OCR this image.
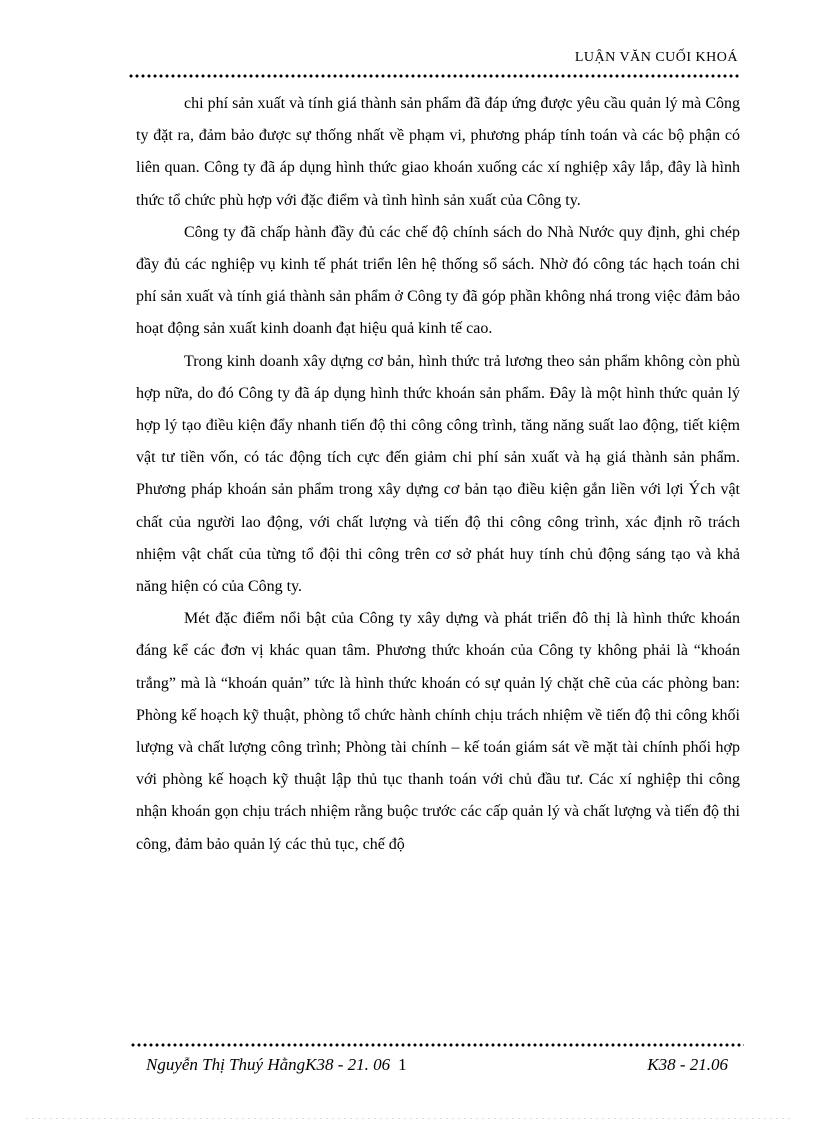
LUẬN VĂN CUỐI KHOÁ

chi phí sản xuất và tính giá thành sản phẩm đã đáp ứng được yêu cầu quản lý mà Công ty đặt ra, đảm bảo được sự thống nhất về phạm vi, phương pháp tính toán và các bộ phận có liên quan. Công ty đã áp dụng hình thức giao khoán xuống các xí nghiệp xây lắp, đây là hình thức tổ chức phù hợp với đặc điểm và tình hình sản xuất của Công ty.

Công ty đã chấp hành đầy đủ các chế độ chính sách do Nhà Nước quy định, ghi chép đầy đủ các nghiệp vụ kinh tế phát triển lên hệ thống sổ sách. Nhờ đó công tác hạch toán chi phí sản xuất và tính giá thành sản phẩm ở Công ty đã góp phần không nhá trong việc đảm bảo hoạt động sản xuất kinh doanh đạt hiệu quả kinh tế cao.

Trong kinh doanh xây dựng cơ bản, hình thức trả lương theo sản phẩm không còn phù hợp nữa, do đó Công ty đã áp dụng hình thức khoán sản phẩm. Đây là một hình thức quản lý hợp lý tạo điều kiện đẩy nhanh tiến độ thi công công trình, tăng năng suất lao động, tiết kiệm vật tư tiền vốn, có tác động tích cực đến giảm chi phí sản xuất và hạ giá thành sản phẩm. Phương pháp khoán sản phẩm trong xây dựng cơ bản tạo điều kiện gắn liền với lợi Ých vật chất của người lao động, với chất lượng và tiến độ thi công công trình, xác định rõ trách nhiệm vật chất của từng tổ đội thi công trên cơ sở phát huy tính chủ động sáng tạo và khả năng hiện có của Công ty.

Mét đặc điểm nổi bật của Công ty xây dựng và phát triển đô thị là hình thức khoán đáng kể các đơn vị khác quan tâm. Phương thức khoán của Công ty không phải là “khoán trắng” mà là “khoán quản” tức là hình thức khoán có sự quản lý chặt chẽ của các phòng ban: Phòng kế hoạch kỹ thuật, phòng tổ chức hành chính chịu trách nhiệm về tiến độ thi công khối lượng và chất lượng công trình; Phòng tài chính – kế toán giám sát về mặt tài chính phối hợp với phòng kế hoạch kỹ thuật lập thủ tục thanh toán với chủ đầu tư. Các xí nghiệp thi công nhận khoán gọn chịu trách nhiệm rằng buộc trước các cấp quản lý và chất lượng và tiến độ thi công, đảm bảo quản lý các thủ tục, chế độ

Nguyễn Thị Thuý HằngK38 - 21. 06 1	K38 - 21.06
